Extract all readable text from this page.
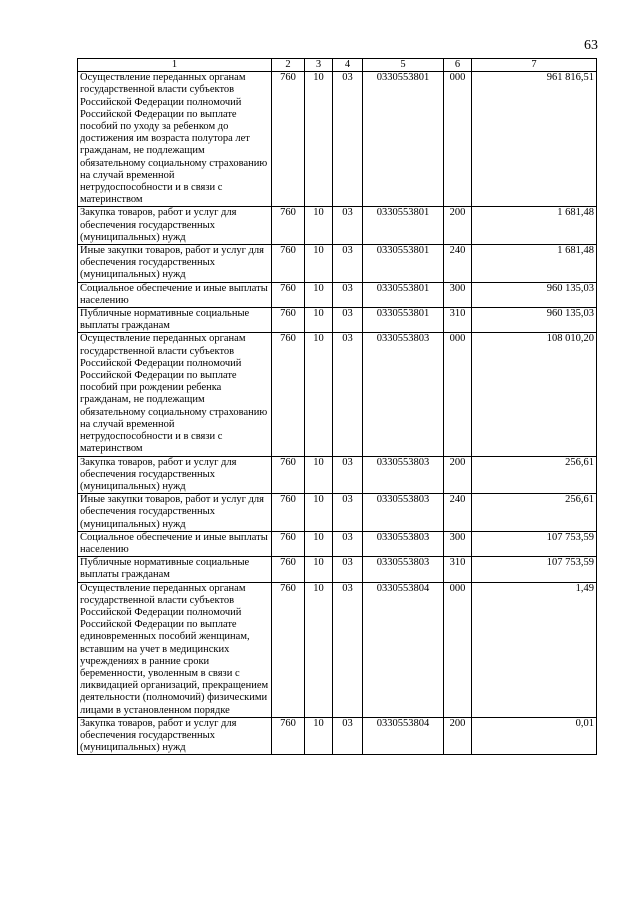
63
1	2	3	4	5	6	7
Осуществление переданных органам государственной власти субъектов Российской Федерации полномочий Российской Федерации по выплате пособий по уходу за ребенком до достижения им возраста полутора лет гражданам, не подлежащим обязательному социальному страхованию на случай временной нетрудоспособности и в связи с материнством	760	10	03	0330553801	000	961 816,51
Закупка товаров, работ и услуг для обеспечения государственных (муниципальных) нужд	760	10	03	0330553801	200	1 681,48
Иные закупки товаров, работ и услуг для обеспечения государственных (муниципальных) нужд	760	10	03	0330553801	240	1 681,48
Социальное обеспечение и иные выплаты населению	760	10	03	0330553801	300	960 135,03
Публичные нормативные социальные выплаты гражданам	760	10	03	0330553801	310	960 135,03
Осуществление переданных органам государственной власти субъектов Российской Федерации полномочий Российской Федерации по выплате пособий при рождении ребенка гражданам, не подлежащим обязательному социальному страхованию на случай временной нетрудоспособности и в связи с материнством	760	10	03	0330553803	000	108 010,20
Закупка товаров, работ и услуг для обеспечения государственных (муниципальных) нужд	760	10	03	0330553803	200	256,61
Иные закупки товаров, работ и услуг для обеспечения государственных (муниципальных) нужд	760	10	03	0330553803	240	256,61
Социальное обеспечение и иные выплаты населению	760	10	03	0330553803	300	107 753,59
Публичные нормативные социальные выплаты гражданам	760	10	03	0330553803	310	107 753,59
Осуществление переданных органам государственной власти субъектов Российской Федерации полномочий Российской Федерации по выплате единовременных пособий женщинам, вставшим на учет в медицинских учреждениях в ранние сроки беременности, уволенным в связи с ликвидацией организаций, прекращением деятельности (полномочий) физическими лицами в установленном порядке	760	10	03	0330553804	000	1,49
Закупка товаров, работ и услуг для обеспечения государственных (муниципальных) нужд	760	10	03	0330553804	200	0,01
